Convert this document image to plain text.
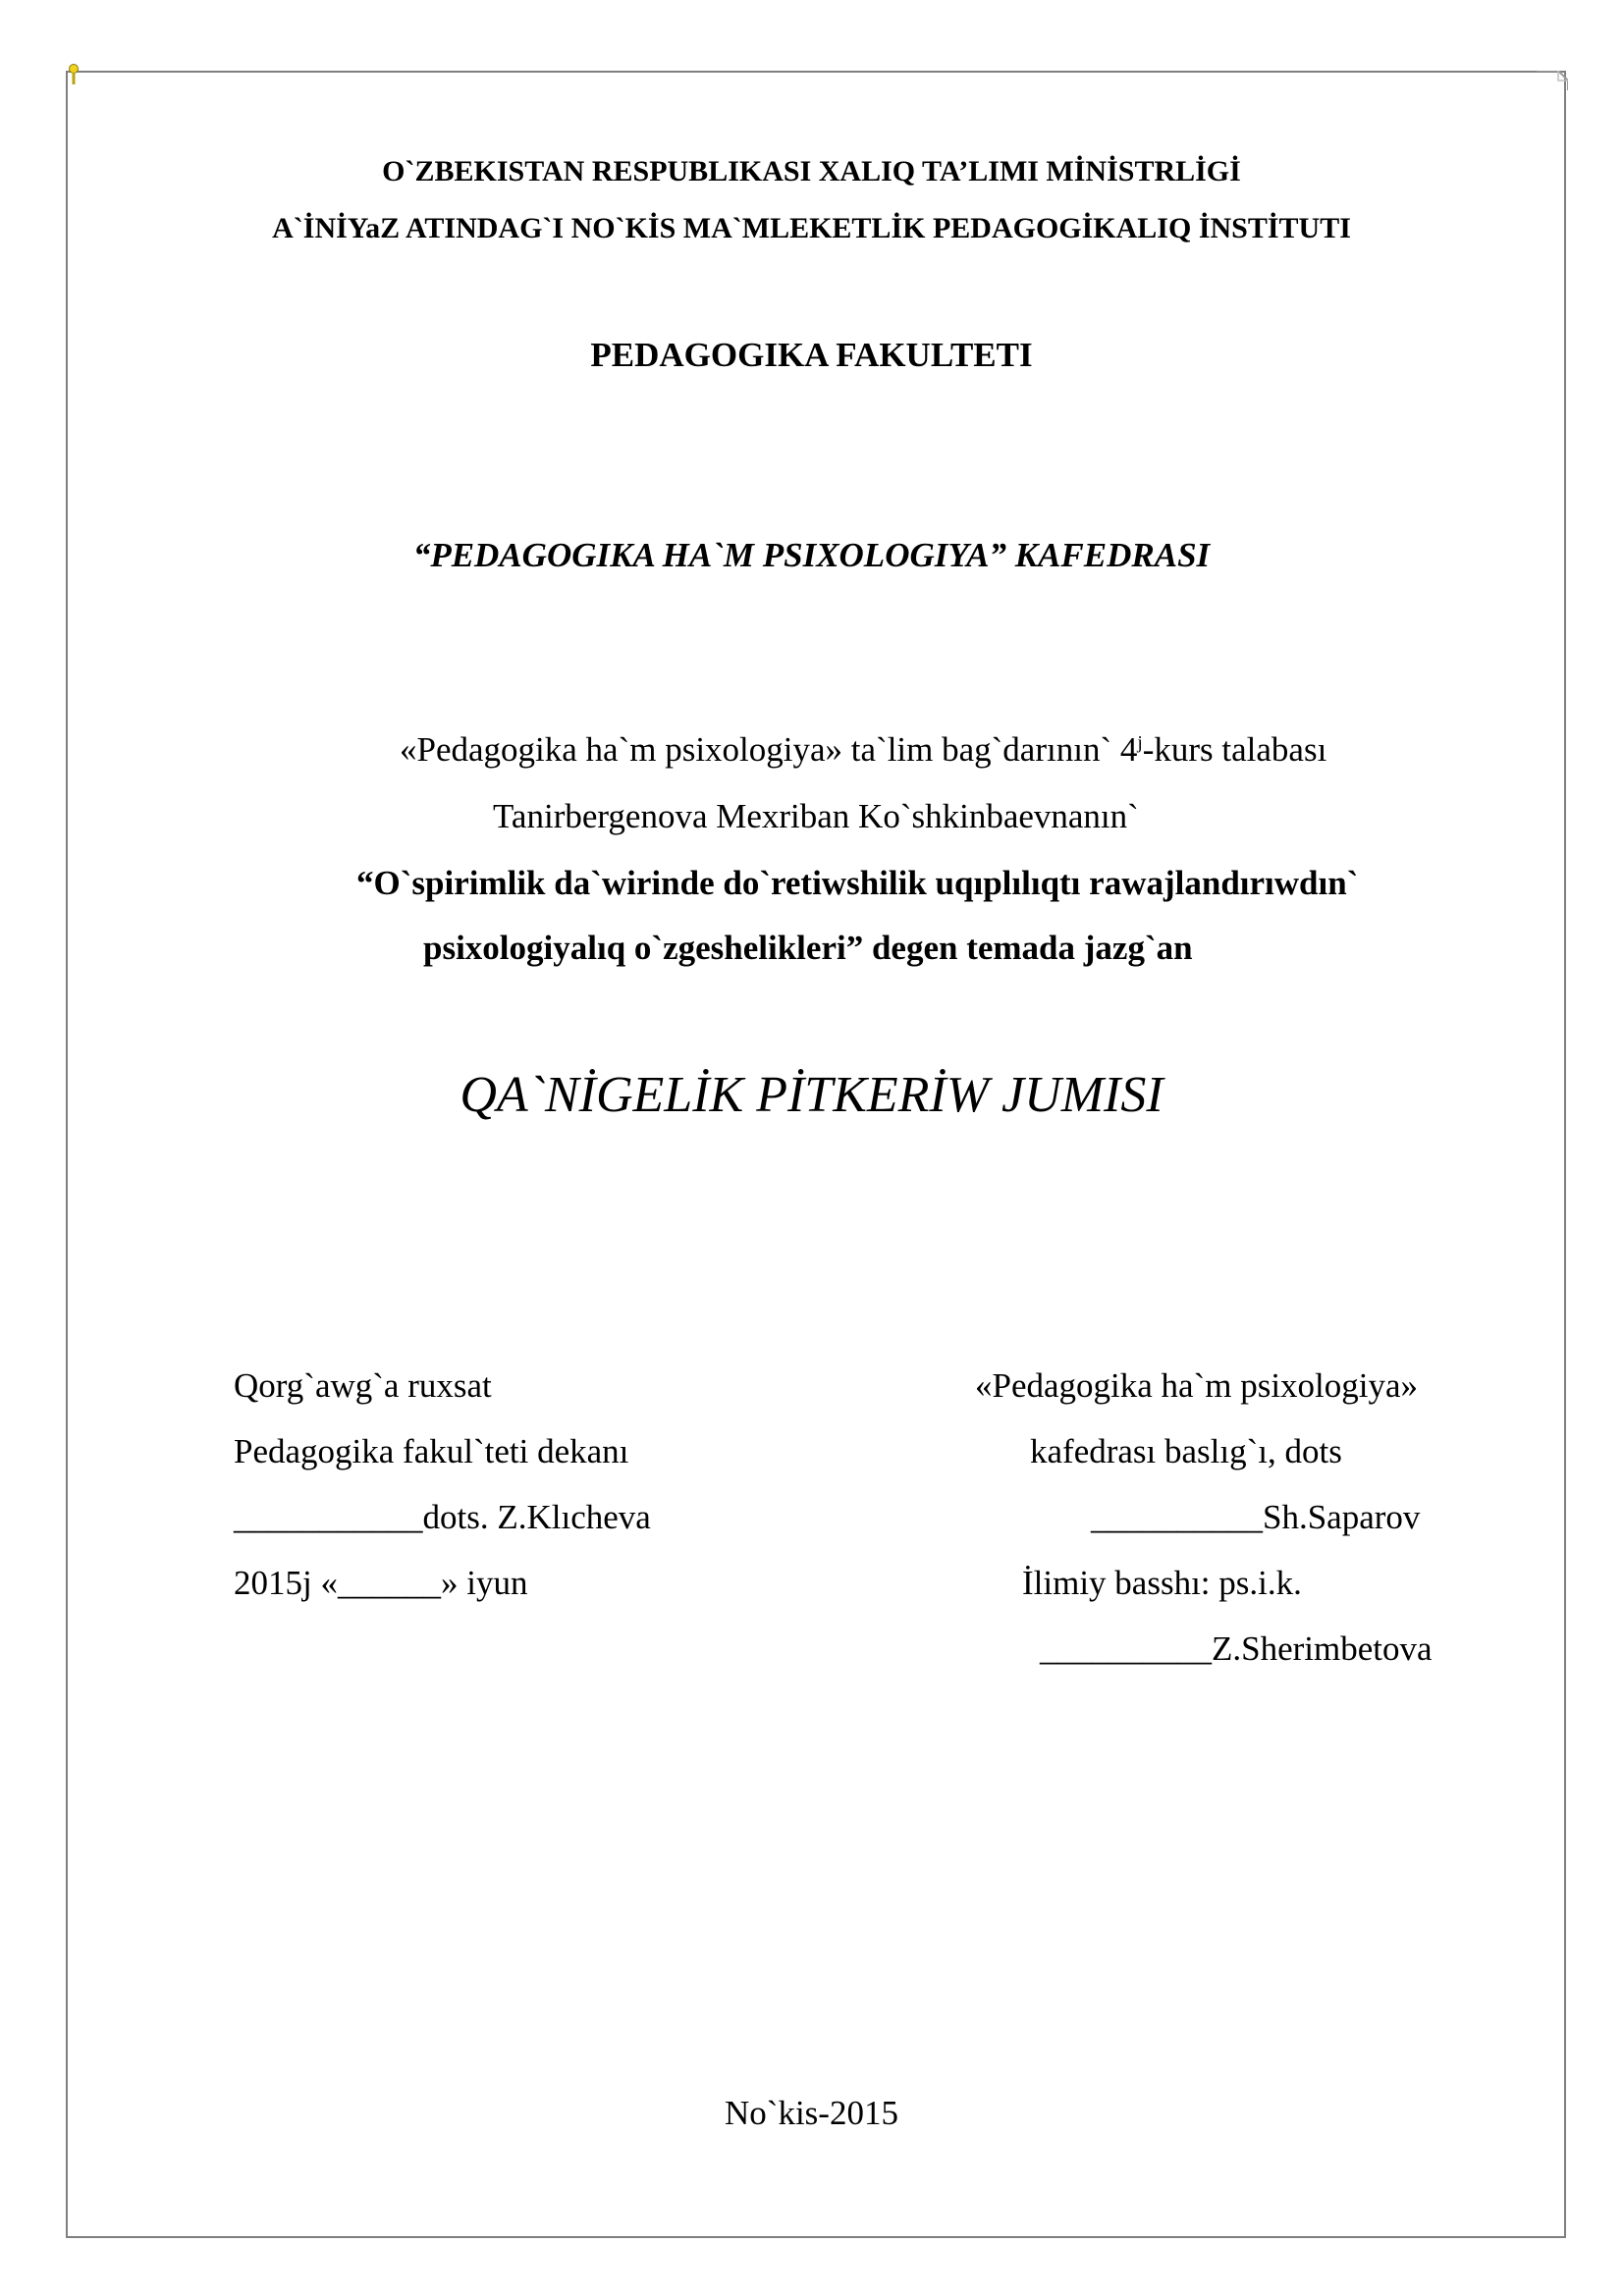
O`ZBEKISTAN RESPUBLIKASI XALIQ TA’LIMI MİNİSTRLİGİ
A`İNİYaZ ATINDAG`I NO`KİS MA`MLEKETLİK PEDAGOGİKALIQ İNSTİTUTI
PEDAGOGIKA FAKULTETI
“PEDAGOGIKA HA`M PSIXOLOGIYA” KAFEDRASI
«Pedagogika ha`m psixologiya» ta`lim bag`darının` 4$^j$-kurs talabası
Tanirbergenova Mexriban Ko`shkinbaevnanın`
“O`spirimlik da`wirinde do`retiwshilik uqıplılıqtı rawajlandırıwdın`
psixologiyalıq o`zgeshelikleri” degen temada jazg`an
QA`NİGELİK PİTKERİW JUMISI
Qorg`awg`a ruxsat
Pedagogika fakul`teti dekanı
___________dots. Z.Klıcheva
2015j «______» iyun
«Pedagogika ha`m psixologiya»
kafedrası baslıg`ı, dots
__________Sh.Saparov
İlimiy basshı: ps.i.k.
__________Z.Sherimbetova
No`kis-2015
